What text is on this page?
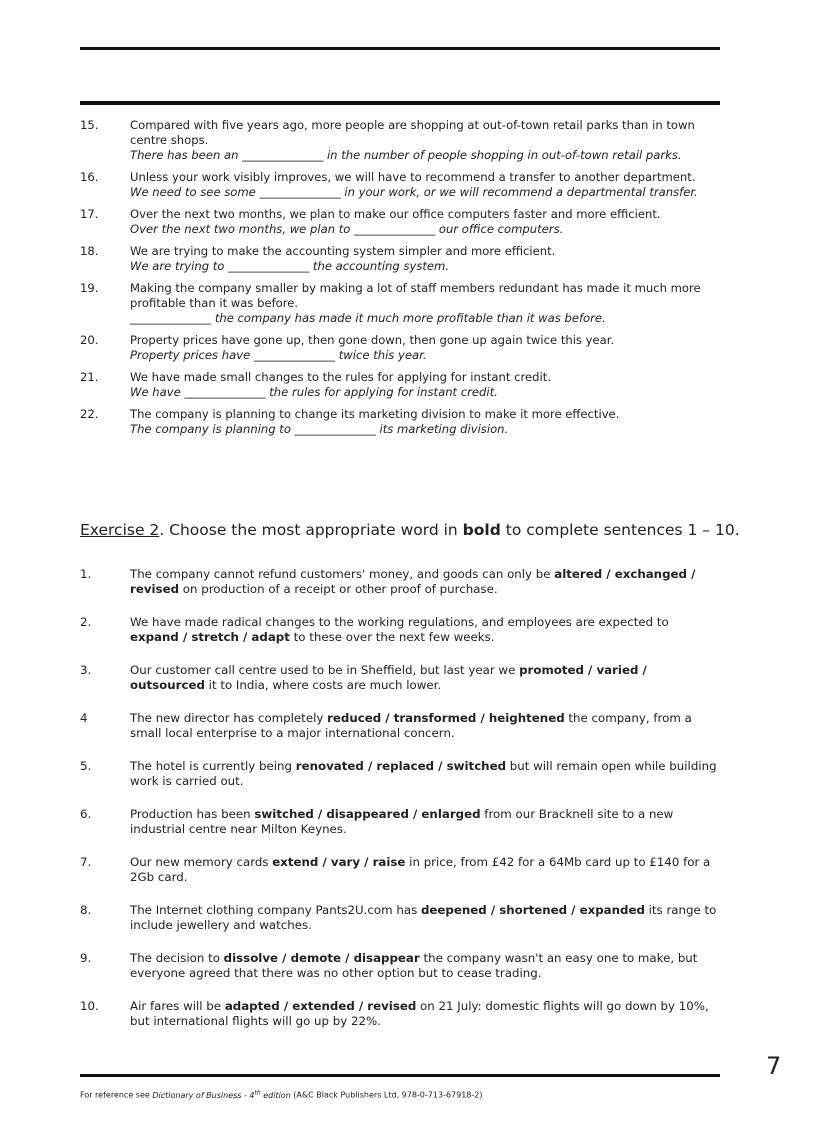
15.	Compared with five years ago, more people are shopping at out-of-town retail parks than in town centre shops.
There has been an ______________ in the number of people shopping in out-of-town retail parks.
16.	Unless your work visibly improves, we will have to recommend a transfer to another department.
We need to see some ______________ in your work, or we will recommend a departmental transfer.
17.	Over the next two months, we plan to make our office computers faster and more efficient.
Over the next two months, we plan to ______________ our office computers.
18.	We are trying to make the accounting system simpler and more efficient.
We are trying to ______________ the accounting system.
19.	Making the company smaller by making a lot of staff members redundant has made it much more profitable than it was before.
______________ the company has made it much more profitable than it was before.
20.	Property prices have gone up, then gone down, then gone up again twice this year.
Property prices have ______________ twice this year.
21.	We have made small changes to the rules for applying for instant credit.
We have ______________ the rules for applying for instant credit.
22.	The company is planning to change its marketing division to make it more effective.
The company is planning to ______________ its marketing division.
Exercise 2. Choose the most appropriate word in bold to complete sentences 1 – 10.
1.	The company cannot refund customers' money, and goods can only be altered / exchanged / revised on production of a receipt or other proof of purchase.
2.	We have made radical changes to the working regulations, and employees are expected to expand / stretch / adapt to these over the next few weeks.
3.	Our customer call centre used to be in Sheffield, but last year we promoted / varied / outsourced it to India, where costs are much lower.
4	The new director has completely reduced / transformed / heightened the company, from a small local enterprise to a major international concern.
5.	The hotel is currently being renovated / replaced / switched but will remain open while building work is carried out.
6.	Production has been switched / disappeared / enlarged from our Bracknell site to a new industrial centre near Milton Keynes.
7.	Our new memory cards extend / vary / raise in price, from £42 for a 64Mb card up to £140 for a 2Gb card.
8.	The Internet clothing company Pants2U.com has deepened / shortened / expanded its range to include jewellery and watches.
9.	The decision to dissolve / demote / disappear the company wasn't an easy one to make, but everyone agreed that there was no other option but to cease trading.
10.	Air fares will be adapted / extended / revised on 21 July: domestic flights will go down by 10%, but international flights will go up by 22%.
7
For reference see Dictionary of Business - 4th edition (A&C Black Publishers Ltd, 978-0-713-67918-2)
